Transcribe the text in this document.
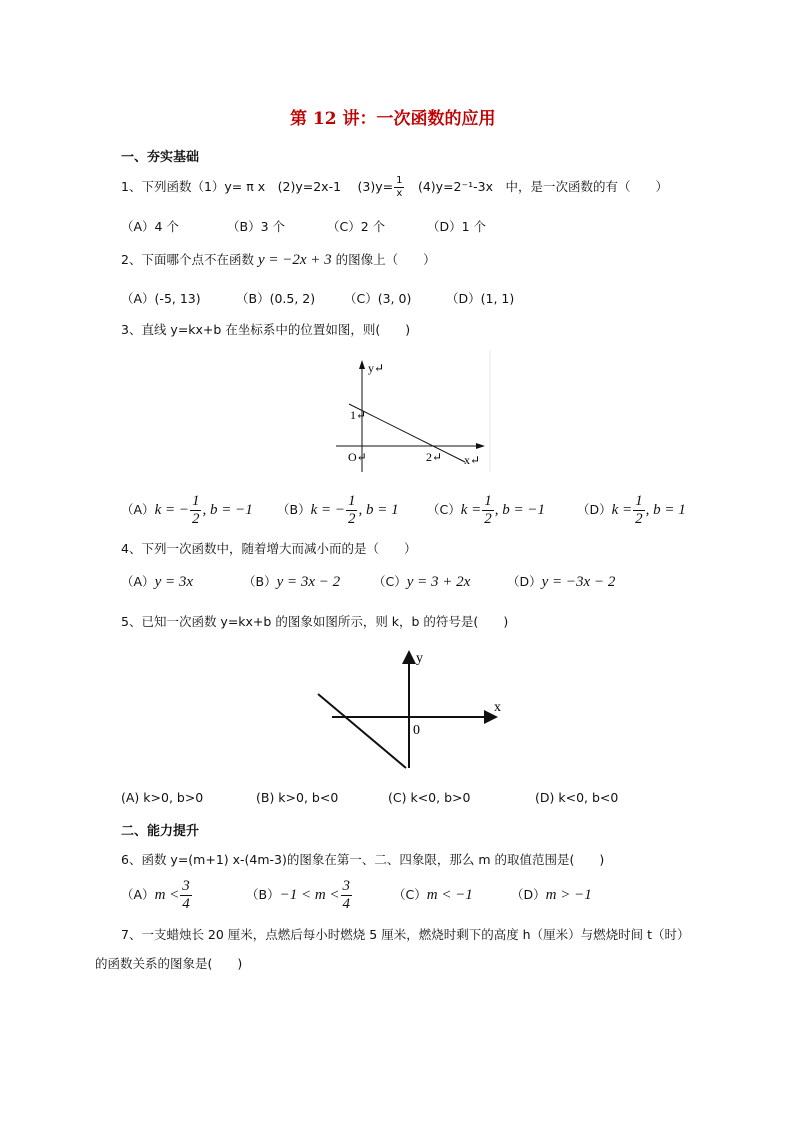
第 12 讲：一次函数的应用
一、夯实基础
1、下列函数（1）y= π x　(2)y=2x-1　 $(3)y= \frac{1}{x}$ 　(4)y=2⁻¹-3x　中，是一次函数的有（　　）
（A）4 个	（B）3 个	（C）2 个	（D）1 个
2、下面哪个点不在函数 y = −2x + 3 的图像上（　　）
（A）(-5, 13)	（B）(0.5, 2) （C）(3, 0)	（D）(1, 1)
3、直线 y=kx+b 在坐标系中的位置如图，则(　　)
y↵
1↵
O↵	2↵ x↵
（A）k = − $\frac{1}{2}$ , b = −1 （B）k = − $\frac{1}{2}$ , b = 1 $(C)k = \frac{1}{2}$ , b = −1	$(D)k = \frac{1}{2}$ , b = 1
4、下列一次函数中，随着增大而减小而的是（　　）
（A）y = 3x	（B）y = 3x − 2	（C）y = 3 + 2x	（D）y = −3x − 2
5、已知一次函数 y=kx+b 的图象如图所示，则 k，b 的符号是(　　)
y
x
0
(A) k>0, b>0	(B) k>0, b<0	(C) k<0, b>0	(D) k<0, b<0
二、能力提升
6、函数 y=(m+1) x-(4m-3)的图象在第一、二、四象限，那么 m 的取值范围是(　　)
$(A)m < \frac{3}{4}$	$(B)-1 < m < \frac{3}{4}$	（C）m < −1	（D）m > −1
7、一支蜡烛长 20 厘米，点燃后每小时燃烧 5 厘米，燃烧时剩下的高度 h（厘米）与燃烧时间 t（时）
的函数关系的图象是(　　)
